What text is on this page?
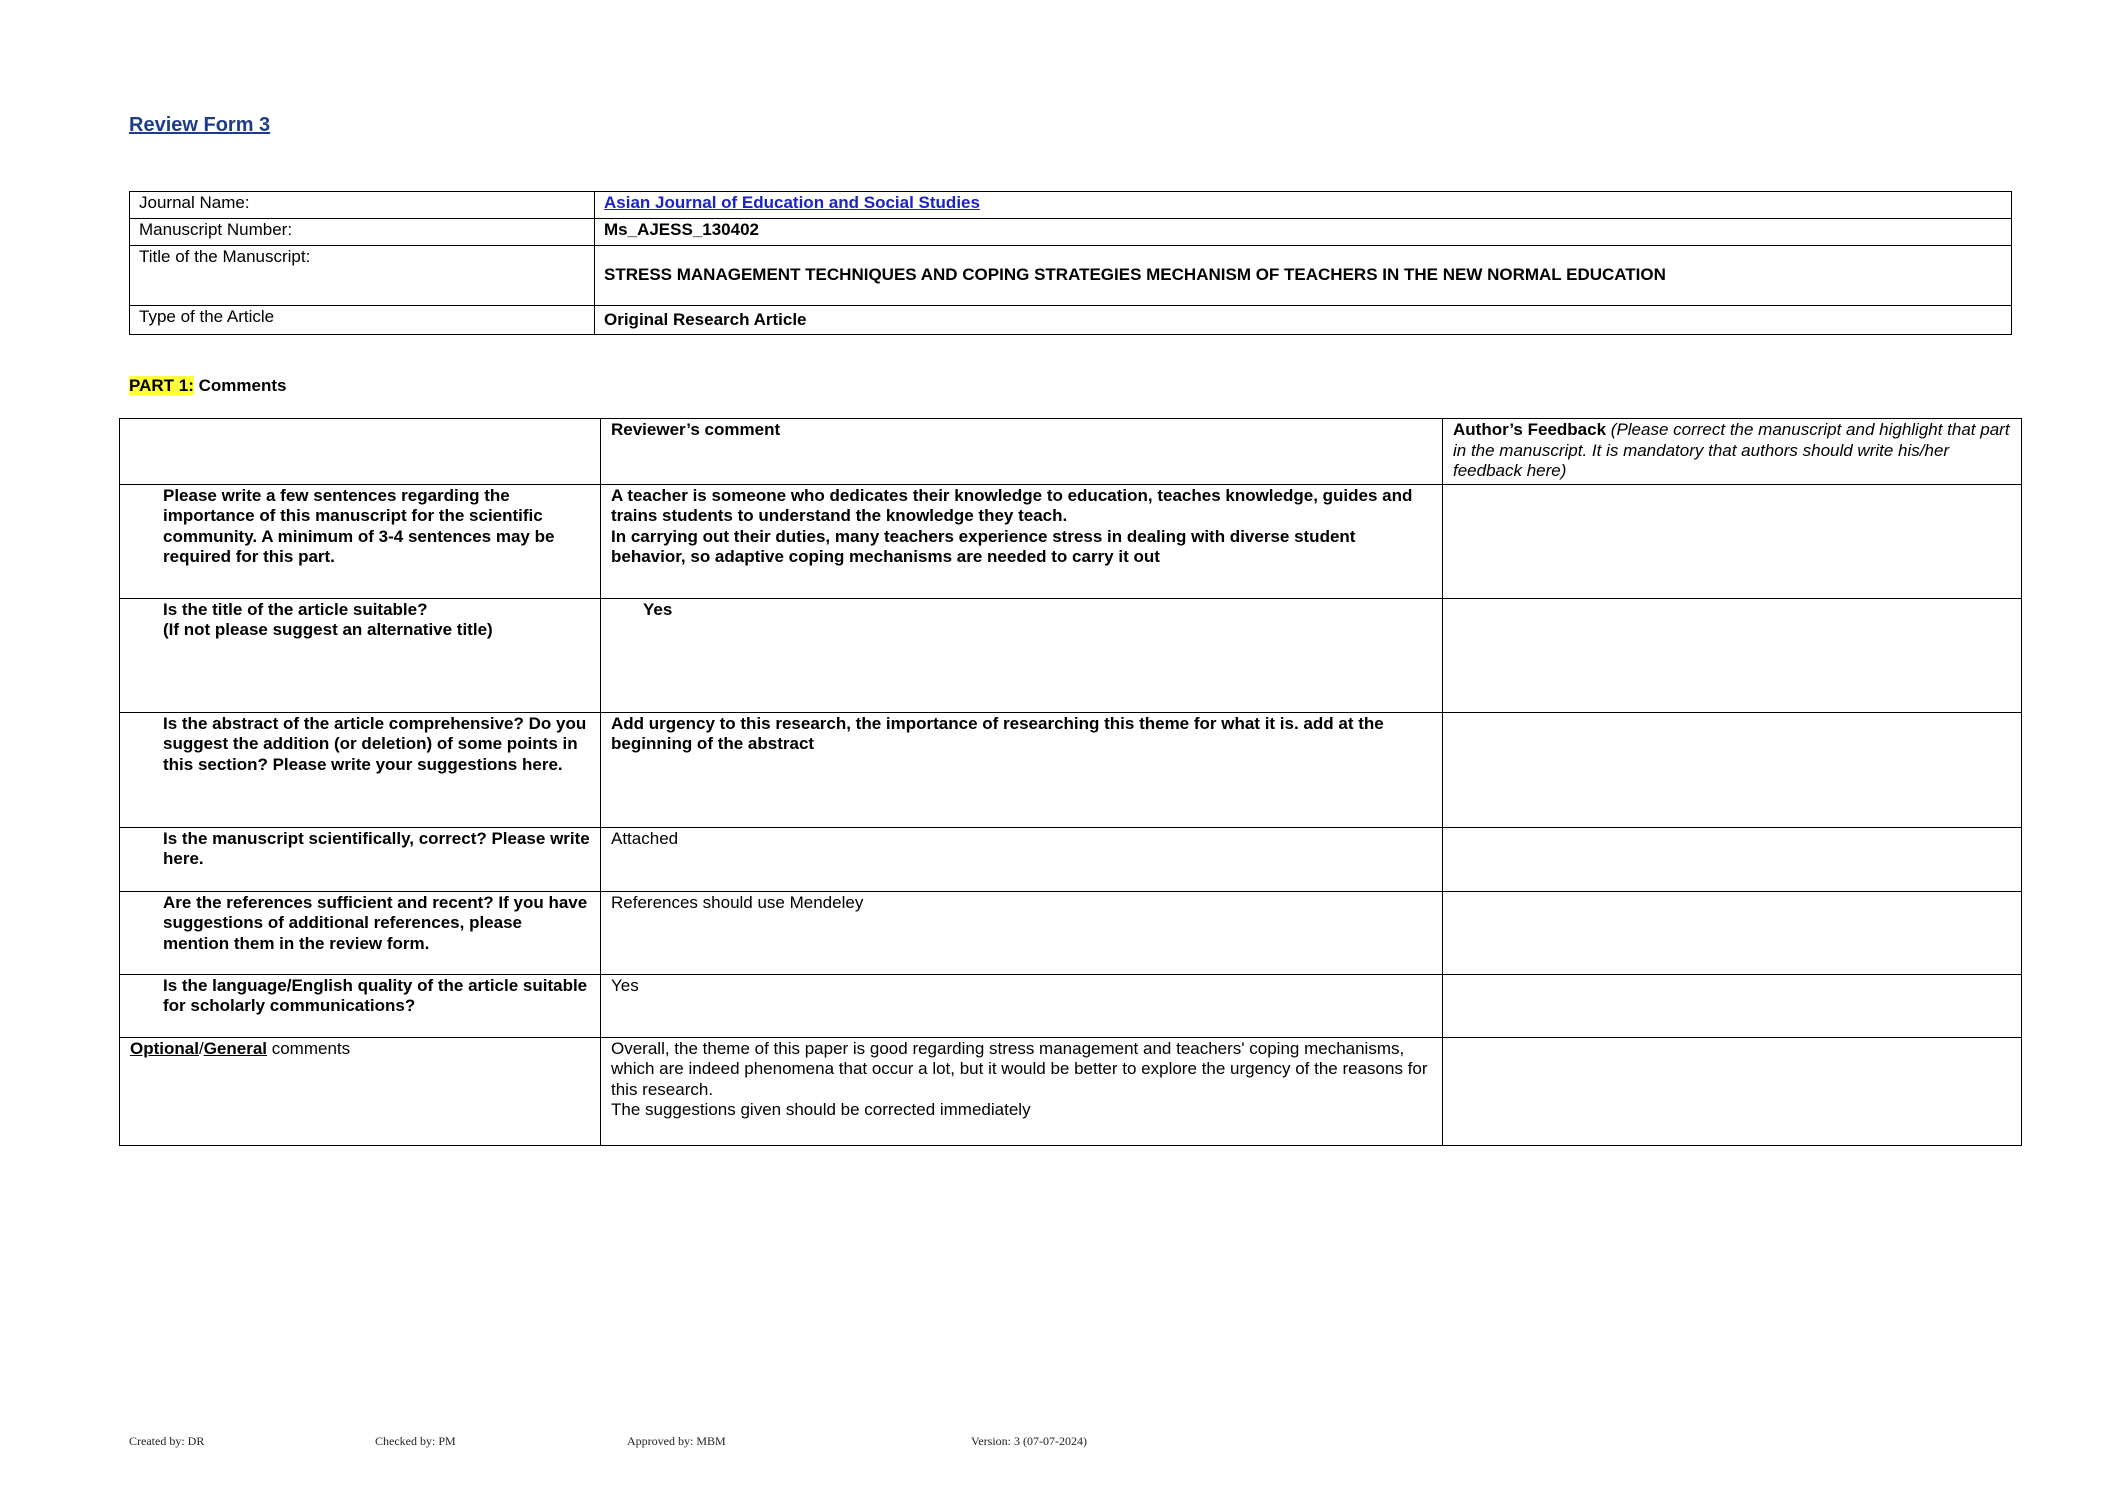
Review Form 3
Journal Name:	Asian Journal of Education and Social Studies
Manuscript Number:	Ms_AJESS_130402
Title of the Manuscript:	STRESS MANAGEMENT TECHNIQUES AND COPING STRATEGIES MECHANISM OF TEACHERS IN THE NEW NORMAL EDUCATION
Type of the Article	Original Research Article
PART 1: Comments
	Reviewer’s comment	Author’s Feedback (Please correct the manuscript and highlight that part in the manuscript. It is mandatory that authors should write his/her feedback here)
Please write a few sentences regarding the importance of this manuscript for the scientific community. A minimum of 3-4 sentences may be required for this part.	A teacher is someone who dedicates their knowledge to education, teaches knowledge, guides and trains students to understand the knowledge they teach.
In carrying out their duties, many teachers experience stress in dealing with diverse student behavior, so adaptive coping mechanisms are needed to carry it out	

Is the title of the article suitable?
(If not please suggest an alternative title)	Yes	
Is the abstract of the article comprehensive? Do you suggest the addition (or deletion) of some points in this section? Please write your suggestions here.	Add urgency to this research, the importance of researching this theme for what it is. add at the beginning of the abstract	
Is the manuscript scientifically, correct? Please write here.	Attached	
Are the references sufficient and recent? If you have suggestions of additional references, please mention them in the review form.	References should use Mendeley	
Is the language/English quality of the article suitable for scholarly communications?	Yes	
Optional/General comments	Overall, the theme of this paper is good regarding stress management and teachers' coping mechanisms, which are indeed phenomena that occur a lot, but it would be better to explore the urgency of the reasons for this research.
The suggestions given should be corrected immediately	

Created by: DR	Checked by: PM	Approved by: MBM	Version: 3 (07-07-2024)
